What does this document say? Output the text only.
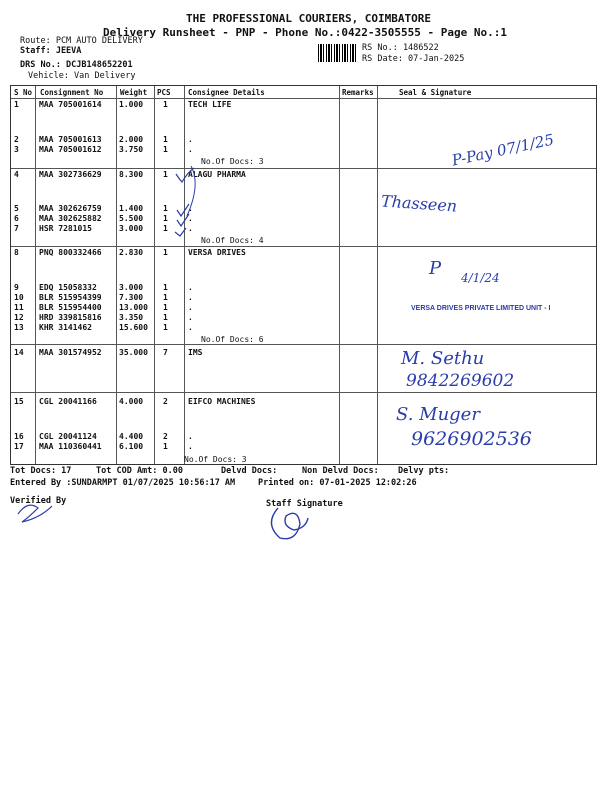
THE PROFESSIONAL COURIERS, COIMBATORE
Delivery Runsheet - PNP - Phone No.:0422-3505555 - Page No.:1
Route: PCM AUTO DELIVERY
Staff: JEEVA	RS No.: 1486522
RS Date: 07-Jan-2025
DRS No.: DCJB148652201
Vehicle: Van Delivery
S No Consignment No Weight PCS Consignee Details	Remarks	Seal & Signature
1	MAA 705001614 1.000 1	TECH LIFE
2	MAA 705001613 2.000 1	.
3	MAA 705001612 3.750 1	.
4	MAA 302736629 8.300 1	ALAGU PHARMA
5	MAA 302626759 1.400 1	.
6	MAA 302625882 5.500 1	.
7	HSR 7281015	3.000 1	.
8	PNQ 800332466 2.830 1	VERSA DRIVES
9	EDQ 15058332	3.000 1	.
10 BLR 515954399 7.300 1	.
11 BLR 515954400 13.000 1	.
12 HRD 339815816 3.350 1	.
13 KHR 3141462	15.600 1	.
14 MAA 301574952 35.000 7	IMS
15 CGL 20041166	4.000 2	EIFCO MACHINES
16 CGL 20041124	4.400 2	.
17 MAA 110360441 6.100 1	.
No.Of Docs: 3
No.Of Docs: 4
No.Of Docs: 6
No.Of Docs: 3
P-Pay 07/1/25
Thasseen
P 4/1/24
VERSA DRIVES PRIVATE LIMITED UNIT - I
M. Sethu
9842269602
S. Muger
9626902536
Tot Docs: 17	Tot COD Amt: 0.00	Delvd Docs:	Non Delvd Docs: Delvy pts:
Entered By :SUNDARMPT 01/07/2025 10:56:17 AM	Printed on: 07-01-2025 12:02:26
Verified By	Staff Signature
